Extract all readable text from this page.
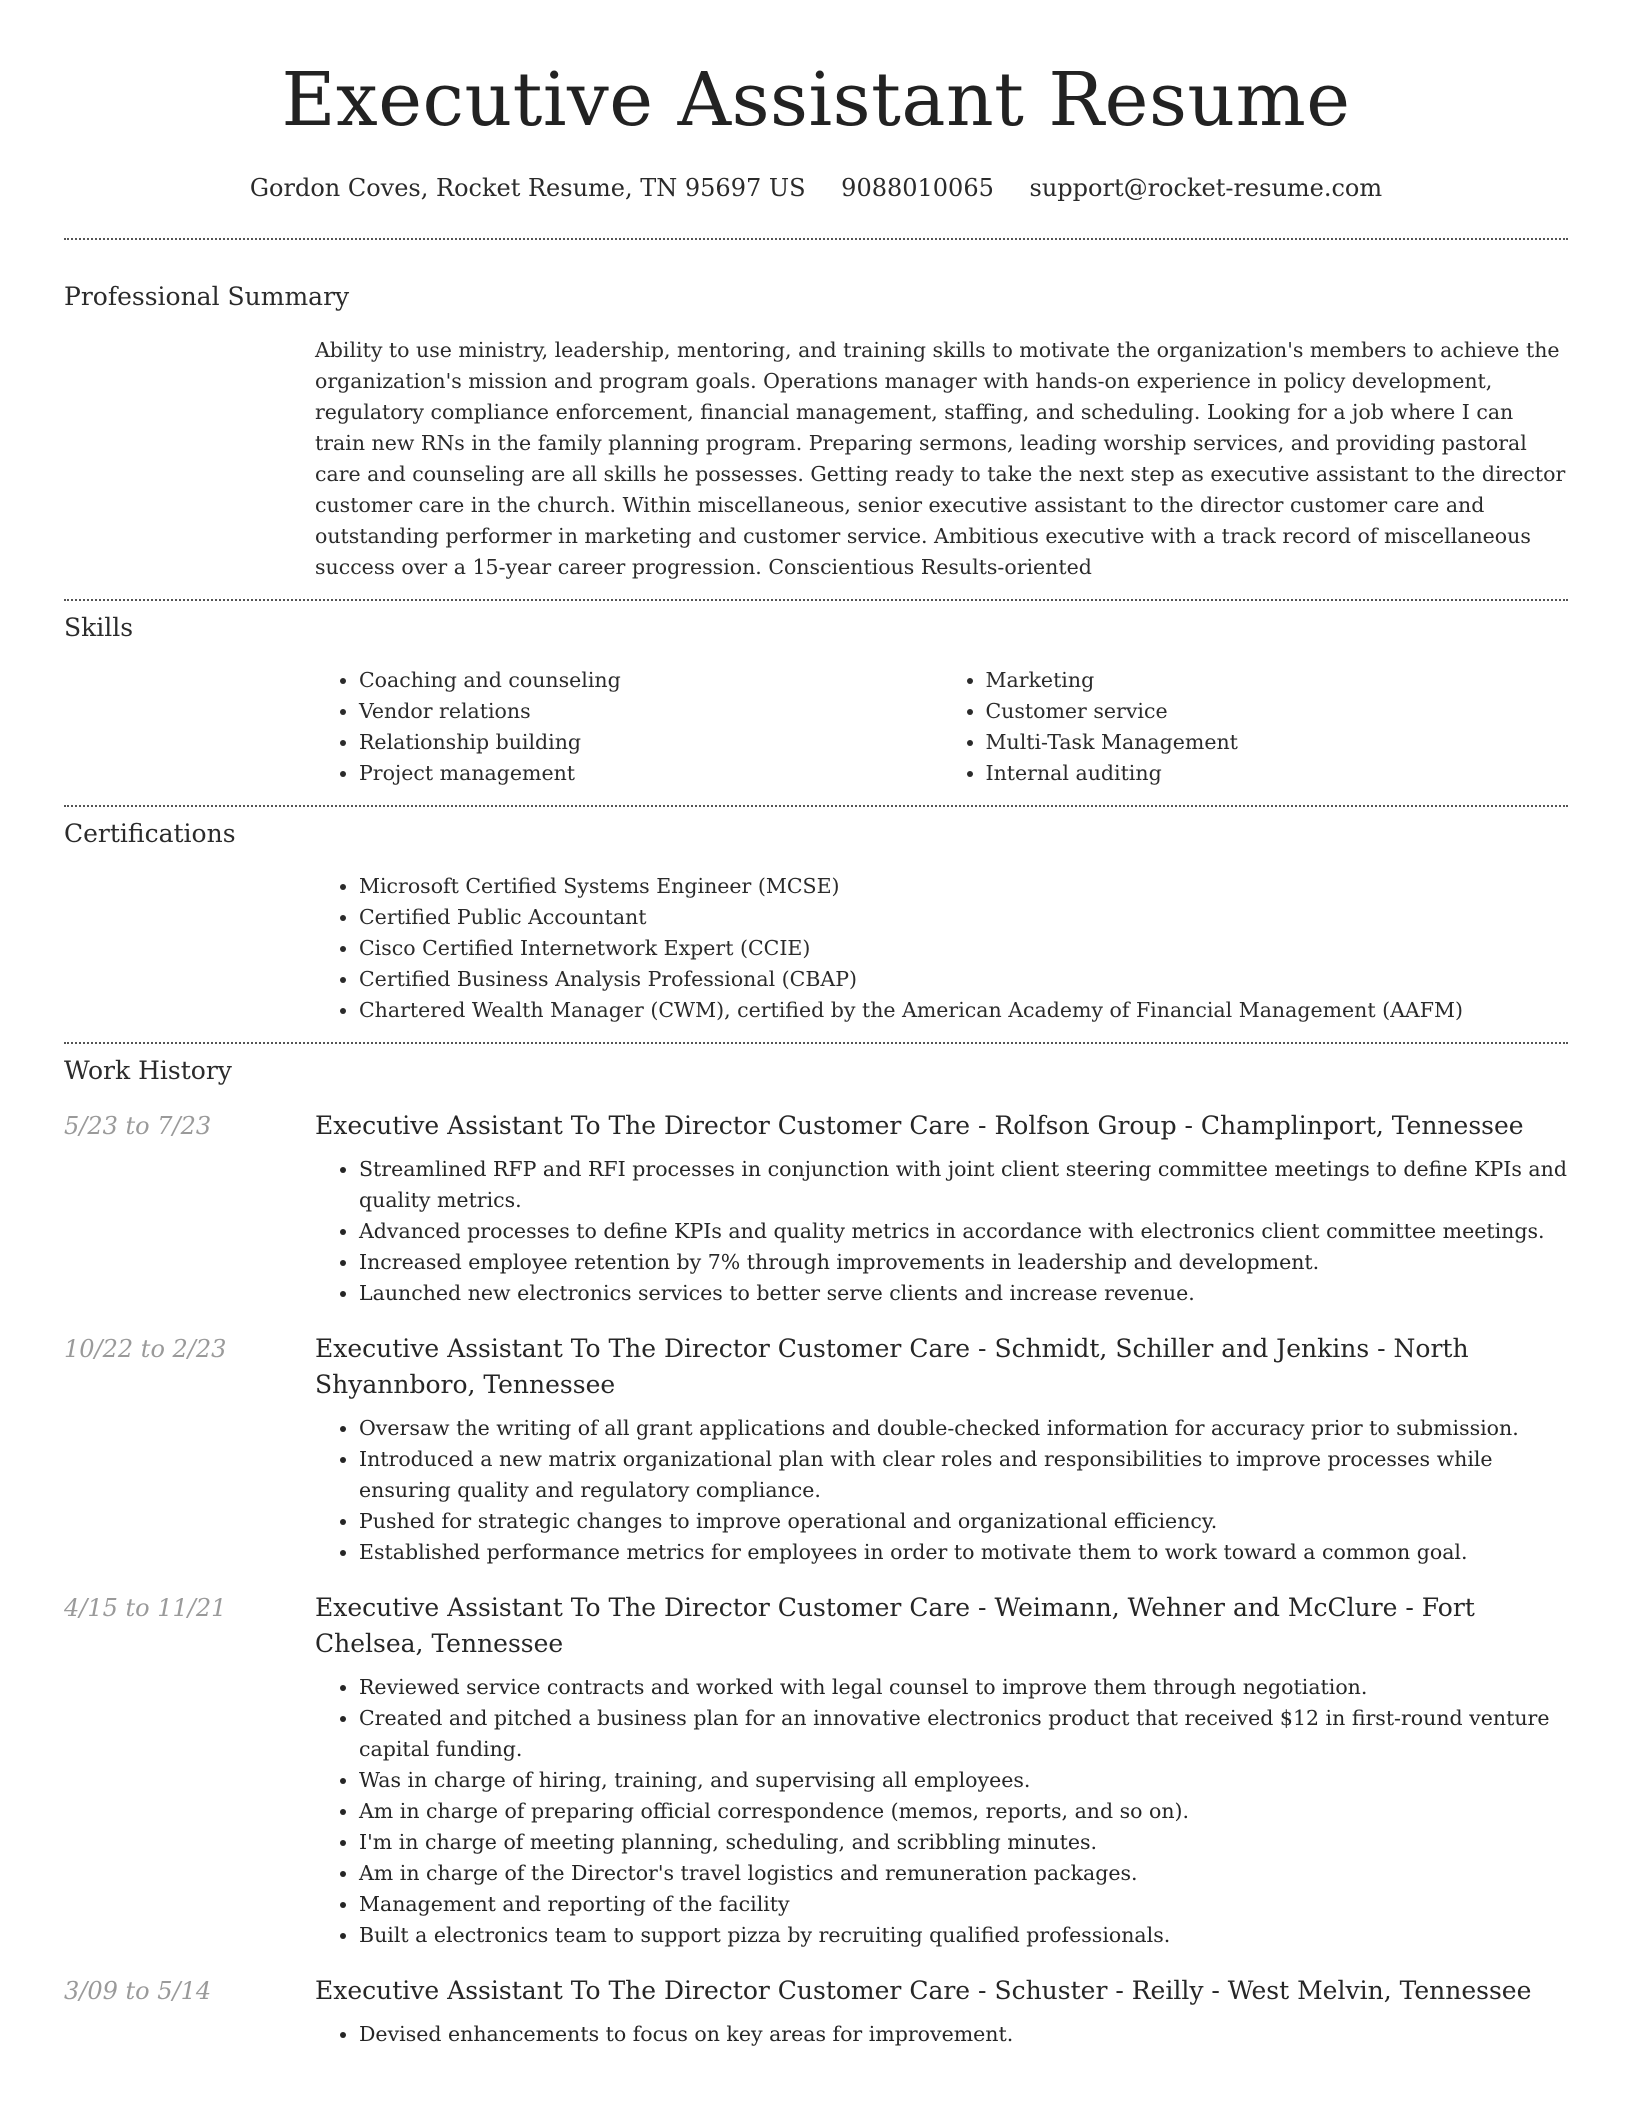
Executive Assistant Resume
Gordon Coves, Rocket Resume, TN 95697 US 9088010065 support@rocket-resume.com
Professional Summary
Ability to use ministry, leadership, mentoring, and training skills to motivate the organization's members to achieve the organization's mission and program goals. Operations manager with hands-on experience in policy development, regulatory compliance enforcement, financial management, staffing, and scheduling. Looking for a job where I can train new RNs in the family planning program. Preparing sermons, leading worship services, and providing pastoral care and counseling are all skills he possesses. Getting ready to take the next step as executive assistant to the director customer care in the church. Within miscellaneous, senior executive assistant to the director customer care and outstanding performer in marketing and customer service. Ambitious executive with a track record of miscellaneous success over a 15-year career progression. Conscientious Results-oriented
Skills
• Coaching and counseling
• Vendor relations
• Relationship building
• Project management
• Marketing
• Customer service
• Multi-Task Management
• Internal auditing
Certifications
• Microsoft Certified Systems Engineer (MCSE)
• Certified Public Accountant
• Cisco Certified Internetwork Expert (CCIE)
• Certified Business Analysis Professional (CBAP)
• Chartered Wealth Manager (CWM), certified by the American Academy of Financial Management (AAFM)
Work History
5/23 to 7/23	Executive Assistant To The Director Customer Care - Rolfson Group - Champlinport, Tennessee
• Streamlined RFP and RFI processes in conjunction with joint client steering committee meetings to define KPIs and quality metrics.
• Advanced processes to define KPIs and quality metrics in accordance with electronics client committee meetings.
• Increased employee retention by 7% through improvements in leadership and development.
• Launched new electronics services to better serve clients and increase revenue.
10/22 to 2/23	Executive Assistant To The Director Customer Care - Schmidt, Schiller and Jenkins - North Shyannboro, Tennessee
• Oversaw the writing of all grant applications and double-checked information for accuracy prior to submission.
• Introduced a new matrix organizational plan with clear roles and responsibilities to improve processes while ensuring quality and regulatory compliance.
• Pushed for strategic changes to improve operational and organizational efficiency.
• Established performance metrics for employees in order to motivate them to work toward a common goal.
4/15 to 11/21	Executive Assistant To The Director Customer Care - Weimann, Wehner and McClure - Fort Chelsea, Tennessee
• Reviewed service contracts and worked with legal counsel to improve them through negotiation.
• Created and pitched a business plan for an innovative electronics product that received $12 in first-round venture capital funding.
• Was in charge of hiring, training, and supervising all employees.
• Am in charge of preparing official correspondence (memos, reports, and so on).
• I'm in charge of meeting planning, scheduling, and scribbling minutes.
• Am in charge of the Director's travel logistics and remuneration packages.
• Management and reporting of the facility
• Built a electronics team to support pizza by recruiting qualified professionals.
3/09 to 5/14	Executive Assistant To The Director Customer Care - Schuster - Reilly - West Melvin, Tennessee
• Devised enhancements to focus on key areas for improvement.
